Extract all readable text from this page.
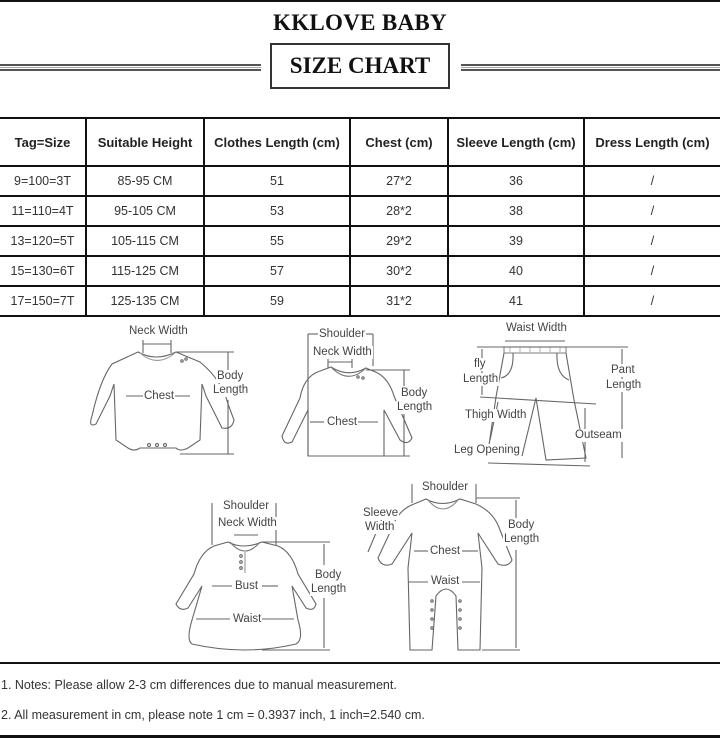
KKLOVE BABY
SIZE CHART
Tag=Size	Suitable Height	Clothes Length (cm)	Chest (cm)	Sleeve Length (cm)	Dress Length (cm)
9=100=3T	85-95 CM	51	27*2	36	/
11=110=4T	95-105 CM	53	28*2	38	/
13=120=5T	105-115 CM	55	29*2	39	/
15=130=6T	115-125 CM	57	30*2	40	/
17=150=7T	125-135 CM	59	31*2	41	/
Neck Width
Chest
Body
Length
Shoulder
Neck Width
Chest
Body
Length
Waist Width
fly
Length
Pant
Length
Thigh Width
Outseam
Leg Opening
Shoulder
Neck Width
Bust
Waist
Body
Length
Shoulder
Sleeve
Width
Chest
Waist
Body
Length
1. Notes: Please allow 2-3 cm differences due to manual measurement.
2. All measurement in cm, please note 1 cm = 0.3937 inch, 1 inch=2.540 cm.
